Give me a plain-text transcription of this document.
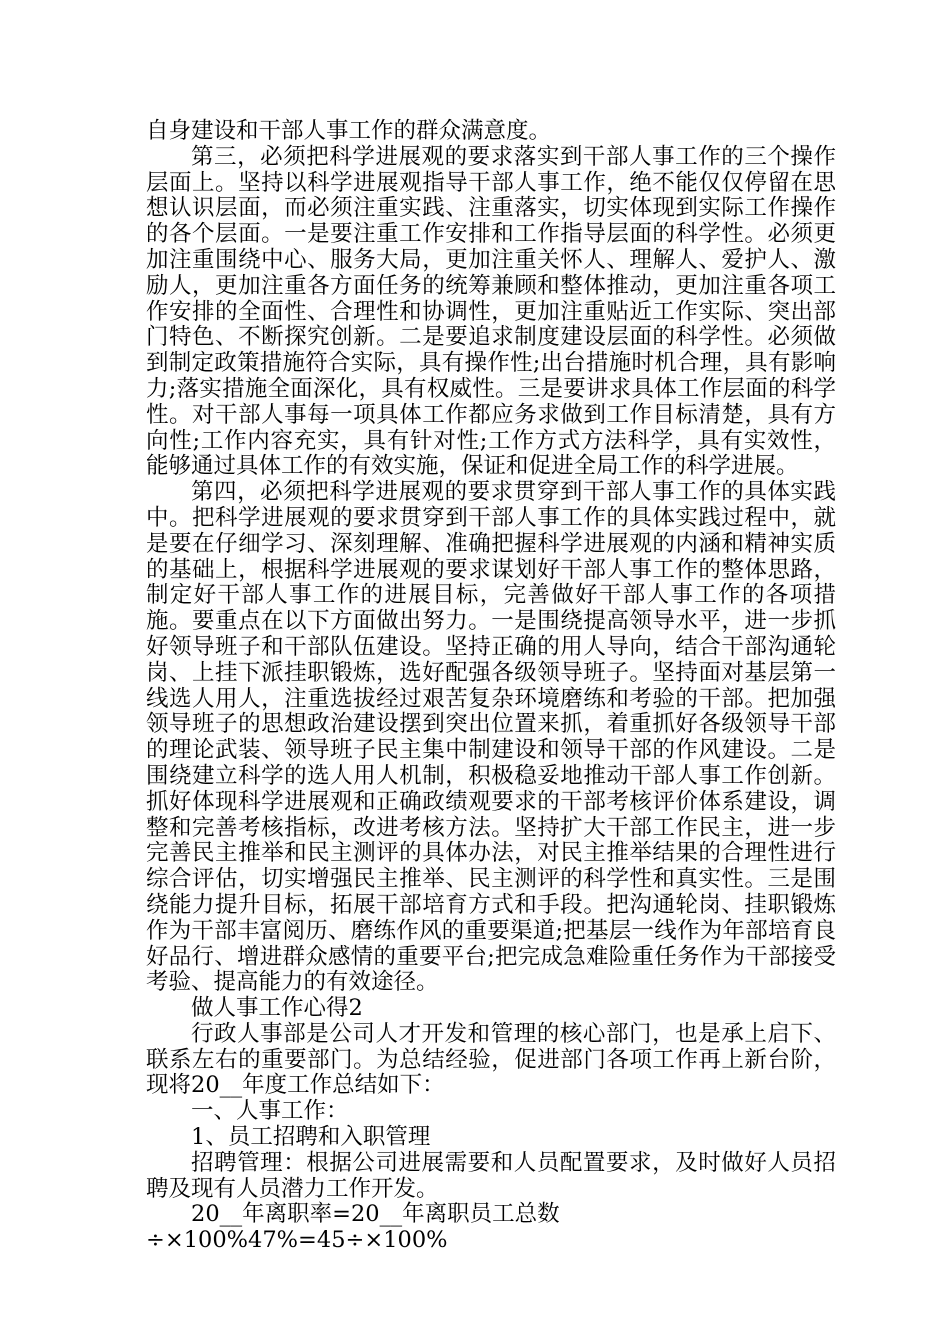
自身建设和干部人事工作的群众满意度。

第三，必须把科学进展观的要求落实到干部人事工作的三个操作层面上。坚持以科学进展观指导干部人事工作，绝不能仅仅停留在思想认识层面，而必须注重实践、注重落实，切实体现到实际工作操作的各个层面。一是要注重工作安排和工作指导层面的科学性。必须更加注重围绕中心、服务大局，更加注重关怀人、理解人、爱护人、激励人，更加注重各方面任务的统筹兼顾和整体推动，更加注重各项工作安排的全面性、合理性和协调性，更加注重贴近工作实际、突出部门特色、不断探究创新。二是要追求制度建设层面的科学性。必须做到制定政策措施符合实际，具有操作性;出台措施时机合理，具有影响力;落实措施全面深化，具有权威性。三是要讲求具体工作层面的科学性。对干部人事每一项具体工作都应务求做到工作目标清楚，具有方向性;工作内容充实，具有针对性;工作方式方法科学，具有实效性，能够通过具体工作的有效实施，保证和促进全局工作的科学进展。

第四，必须把科学进展观的要求贯穿到干部人事工作的具体实践中。把科学进展观的要求贯穿到干部人事工作的具体实践过程中，就是要在仔细学习、深刻理解、准确把握科学进展观的内涵和精神实质的基础上，根据科学进展观的要求谋划好干部人事工作的整体思路，制定好干部人事工作的进展目标，完善做好干部人事工作的各项措施。要重点在以下方面做出努力。一是围绕提高领导水平，进一步抓好领导班子和干部队伍建设。坚持正确的用人导向，结合干部沟通轮岗、上挂下派挂职锻炼，选好配强各级领导班子。坚持面对基层第一线选人用人，注重选拔经过艰苦复杂环境磨练和考验的干部。把加强领导班子的思想政治建设摆到突出位置来抓，着重抓好各级领导干部的理论武装、领导班子民主集中制建设和领导干部的作风建设。二是围绕建立科学的选人用人机制，积极稳妥地推动干部人事工作创新。抓好体现科学进展观和正确政绩观要求的干部考核评价体系建设，调整和完善考核指标，改进考核方法。坚持扩大干部工作民主，进一步完善民主推举和民主测评的具体办法，对民主推举结果的合理性进行综合评估，切实增强民主推举、民主测评的科学性和真实性。三是围绕能力提升目标，拓展干部培育方式和手段。把沟通轮岗、挂职锻炼作为干部丰富阅历、磨练作风的重要渠道;把基层一线作为年部培育良好品行、增进群众感情的重要平台;把完成急难险重任务作为干部接受考验、提高能力的有效途径。

做人事工作心得2

行政人事部是公司人才开发和管理的核心部门，也是承上启下、联系左右的重要部门。为总结经验，促进部门各项工作再上新台阶，现将20__年度工作总结如下：

一、人事工作：

1、员工招聘和入职管理

招聘管理：根据公司进展需要和人员配置要求，及时做好人员招聘及现有人员潜力工作开发。

20__年离职率=20__年离职员工总数÷×100%47%=45÷×100%
